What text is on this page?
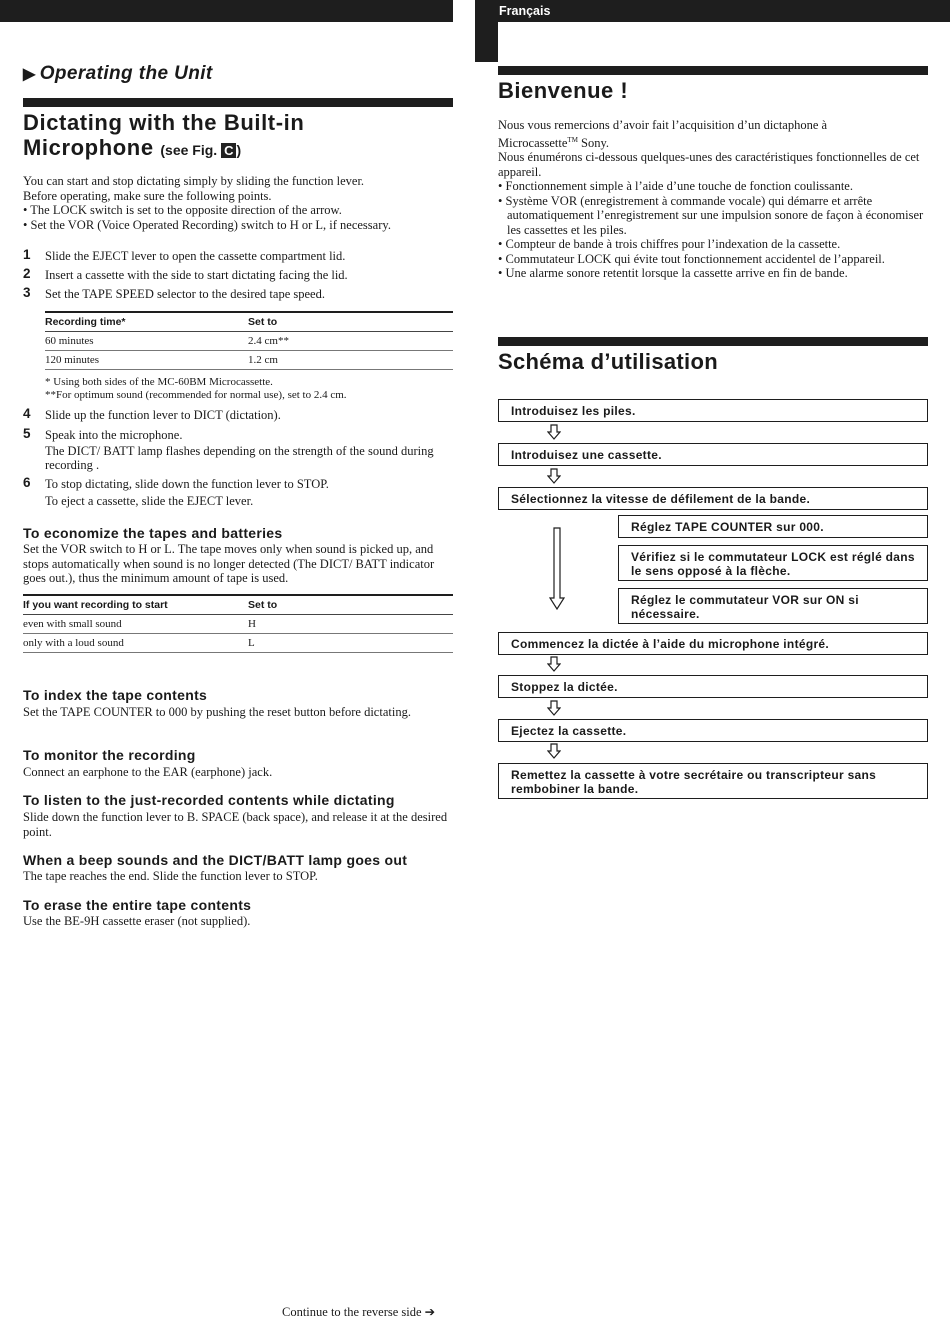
▶ Operating the Unit
Dictating with the Built-in
Microphone (see Fig. C )
You can start and stop dictating simply by sliding the function lever.
Before operating, make sure the following points.
• The LOCK switch is set to the opposite direction of the arrow.
• Set the VOR (Voice Operated Recording) switch to H or L, if necessary.
1 Slide the EJECT lever to open the cassette compartment lid.
2 Insert a cassette with the side to start dictating facing the lid.
3 Set the TAPE SPEED selector to the desired tape speed.
Recording time*	Set to
60 minutes	2.4 cm**
120 minutes	1.2 cm
* Using both sides of the MC-60BM Microcassette.
**For optimum sound (recommended for normal use), set to 2.4 cm.
4 Slide up the function lever to DICT (dictation).
5 Speak into the microphone.
The DICT/ BATT lamp flashes depending on the strength of the sound during recording .
6 To stop dictating, slide down the function lever to STOP.
To eject a cassette, slide the EJECT lever.
To economize the tapes and batteries
Set the VOR switch to H or L. The tape moves only when sound is picked up, and stops automatically when sound is no longer detected (The DICT/ BATT indicator goes out.), thus the minimum amount of tape is used.
If you want recording to start	Set to
even with small sound	H
only with a loud sound	L
To index the tape contents
Set the TAPE COUNTER to 000 by pushing the reset button before dictating.
To monitor the recording
Connect an earphone to the EAR (earphone) jack.
To listen to the just-recorded contents while dictating
Slide down the function lever to B. SPACE (back space), and release it at the desired point.
When a beep sounds and the DICT/BATT lamp goes out
The tape reaches the end. Slide the function lever to STOP.
To erase the entire tape contents
Use the BE-9H cassette eraser (not supplied).
Continue to the reverse side ➔
Français
Bienvenue !
Nous vous remercions d’avoir fait l’acquisition d’un dictaphone à
Microcassette™ Sony.
Nous énumérons ci-dessous quelques-unes des caractéristiques fonctionnelles de cet appareil.
• Fonctionnement simple à l’aide d’une touche de fonction coulissante.
• Système VOR (enregistrement à commande vocale) qui démarre et arrête automatiquement l’enregistrement sur une impulsion sonore de façon à économiser les cassettes et les piles.
• Compteur de bande à trois chiffres pour l’indexation de la cassette.
• Commutateur LOCK qui évite tout fonctionnement accidentel de l’appareil.
• Une alarme sonore retentit lorsque la cassette arrive en fin de bande.
Schéma d’utilisation
Introduisez les piles.
Introduisez une cassette.
Sélectionnez la vitesse de défilement de la bande.
Réglez TAPE COUNTER sur 000.
Vérifiez si le commutateur LOCK est réglé dans le sens opposé à la flèche.
Réglez le commutateur VOR sur ON si nécessaire.
Commencez la dictée à l’aide du microphone intégré.
Stoppez la dictée.
Ejectez la cassette.
Remettez la cassette à votre secrétaire ou transcripteur sans rembobiner la bande.
